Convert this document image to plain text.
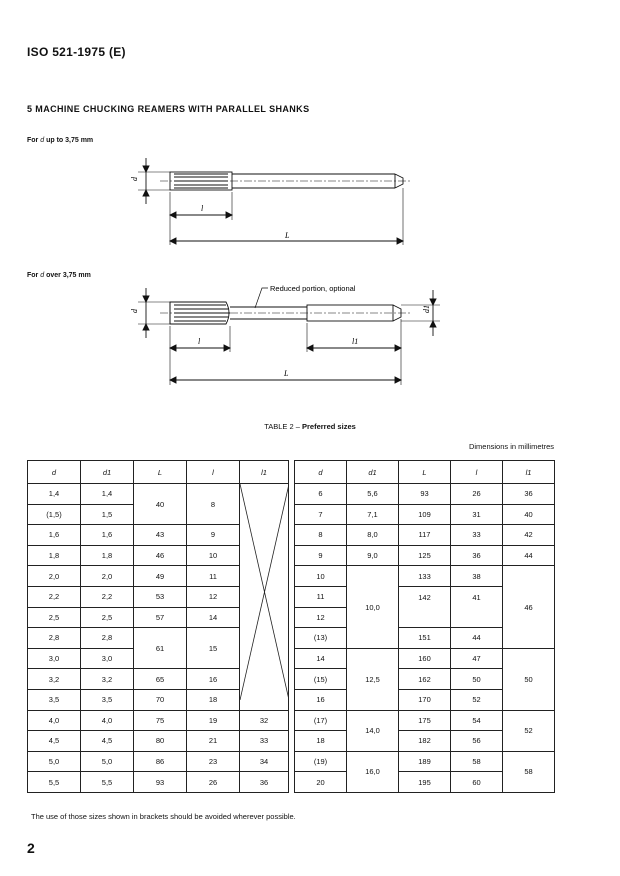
ISO 521-1975 (E)
5 MACHINE CHUCKING REAMERS WITH PARALLEL SHANKS
For d up to 3,75 mm
For d over 3,75 mm
d
l
L
Reduced portion, optional
d	d1
l	l1
L
TABLE 2 – Preferred sizes
Dimensions in millimetres
d	d1	L	l	l1
1,4	1,4	40	8	

(1,5)	1,5			
1,6	1,6	43	9	
1,8	1,8	46	10	
2,0	2,0	49	11	
2,2	2,2	53	12	
2,5	2,5	57	14	
2,8	2,8	61	15	
3,0	3,0			
3,2	3,2	65	16	
3,5	3,5	70	18	
4,0	4,0	75	19	32
4,5	4,5	80	21	33
5,0	5,0	86	23	34
5,5	5,5	93	26	36
d	d1	L	l	l1
6	5,6	93	26	36
7	7,1	109	31	40
8	8,0	117	33	42
9	9,0	125	36	44
10	10,0	133	38	46
11		142	41	
12				
(13)		151	44	
14	12,5	160	47	50
(15)		162	50	
16		170	52	
(17)	14,0	175	54	52
18		182	56	
(19)	16,0	189	58	58
20		195	60	
The use of those sizes shown in brackets should be avoided wherever possible.
2
